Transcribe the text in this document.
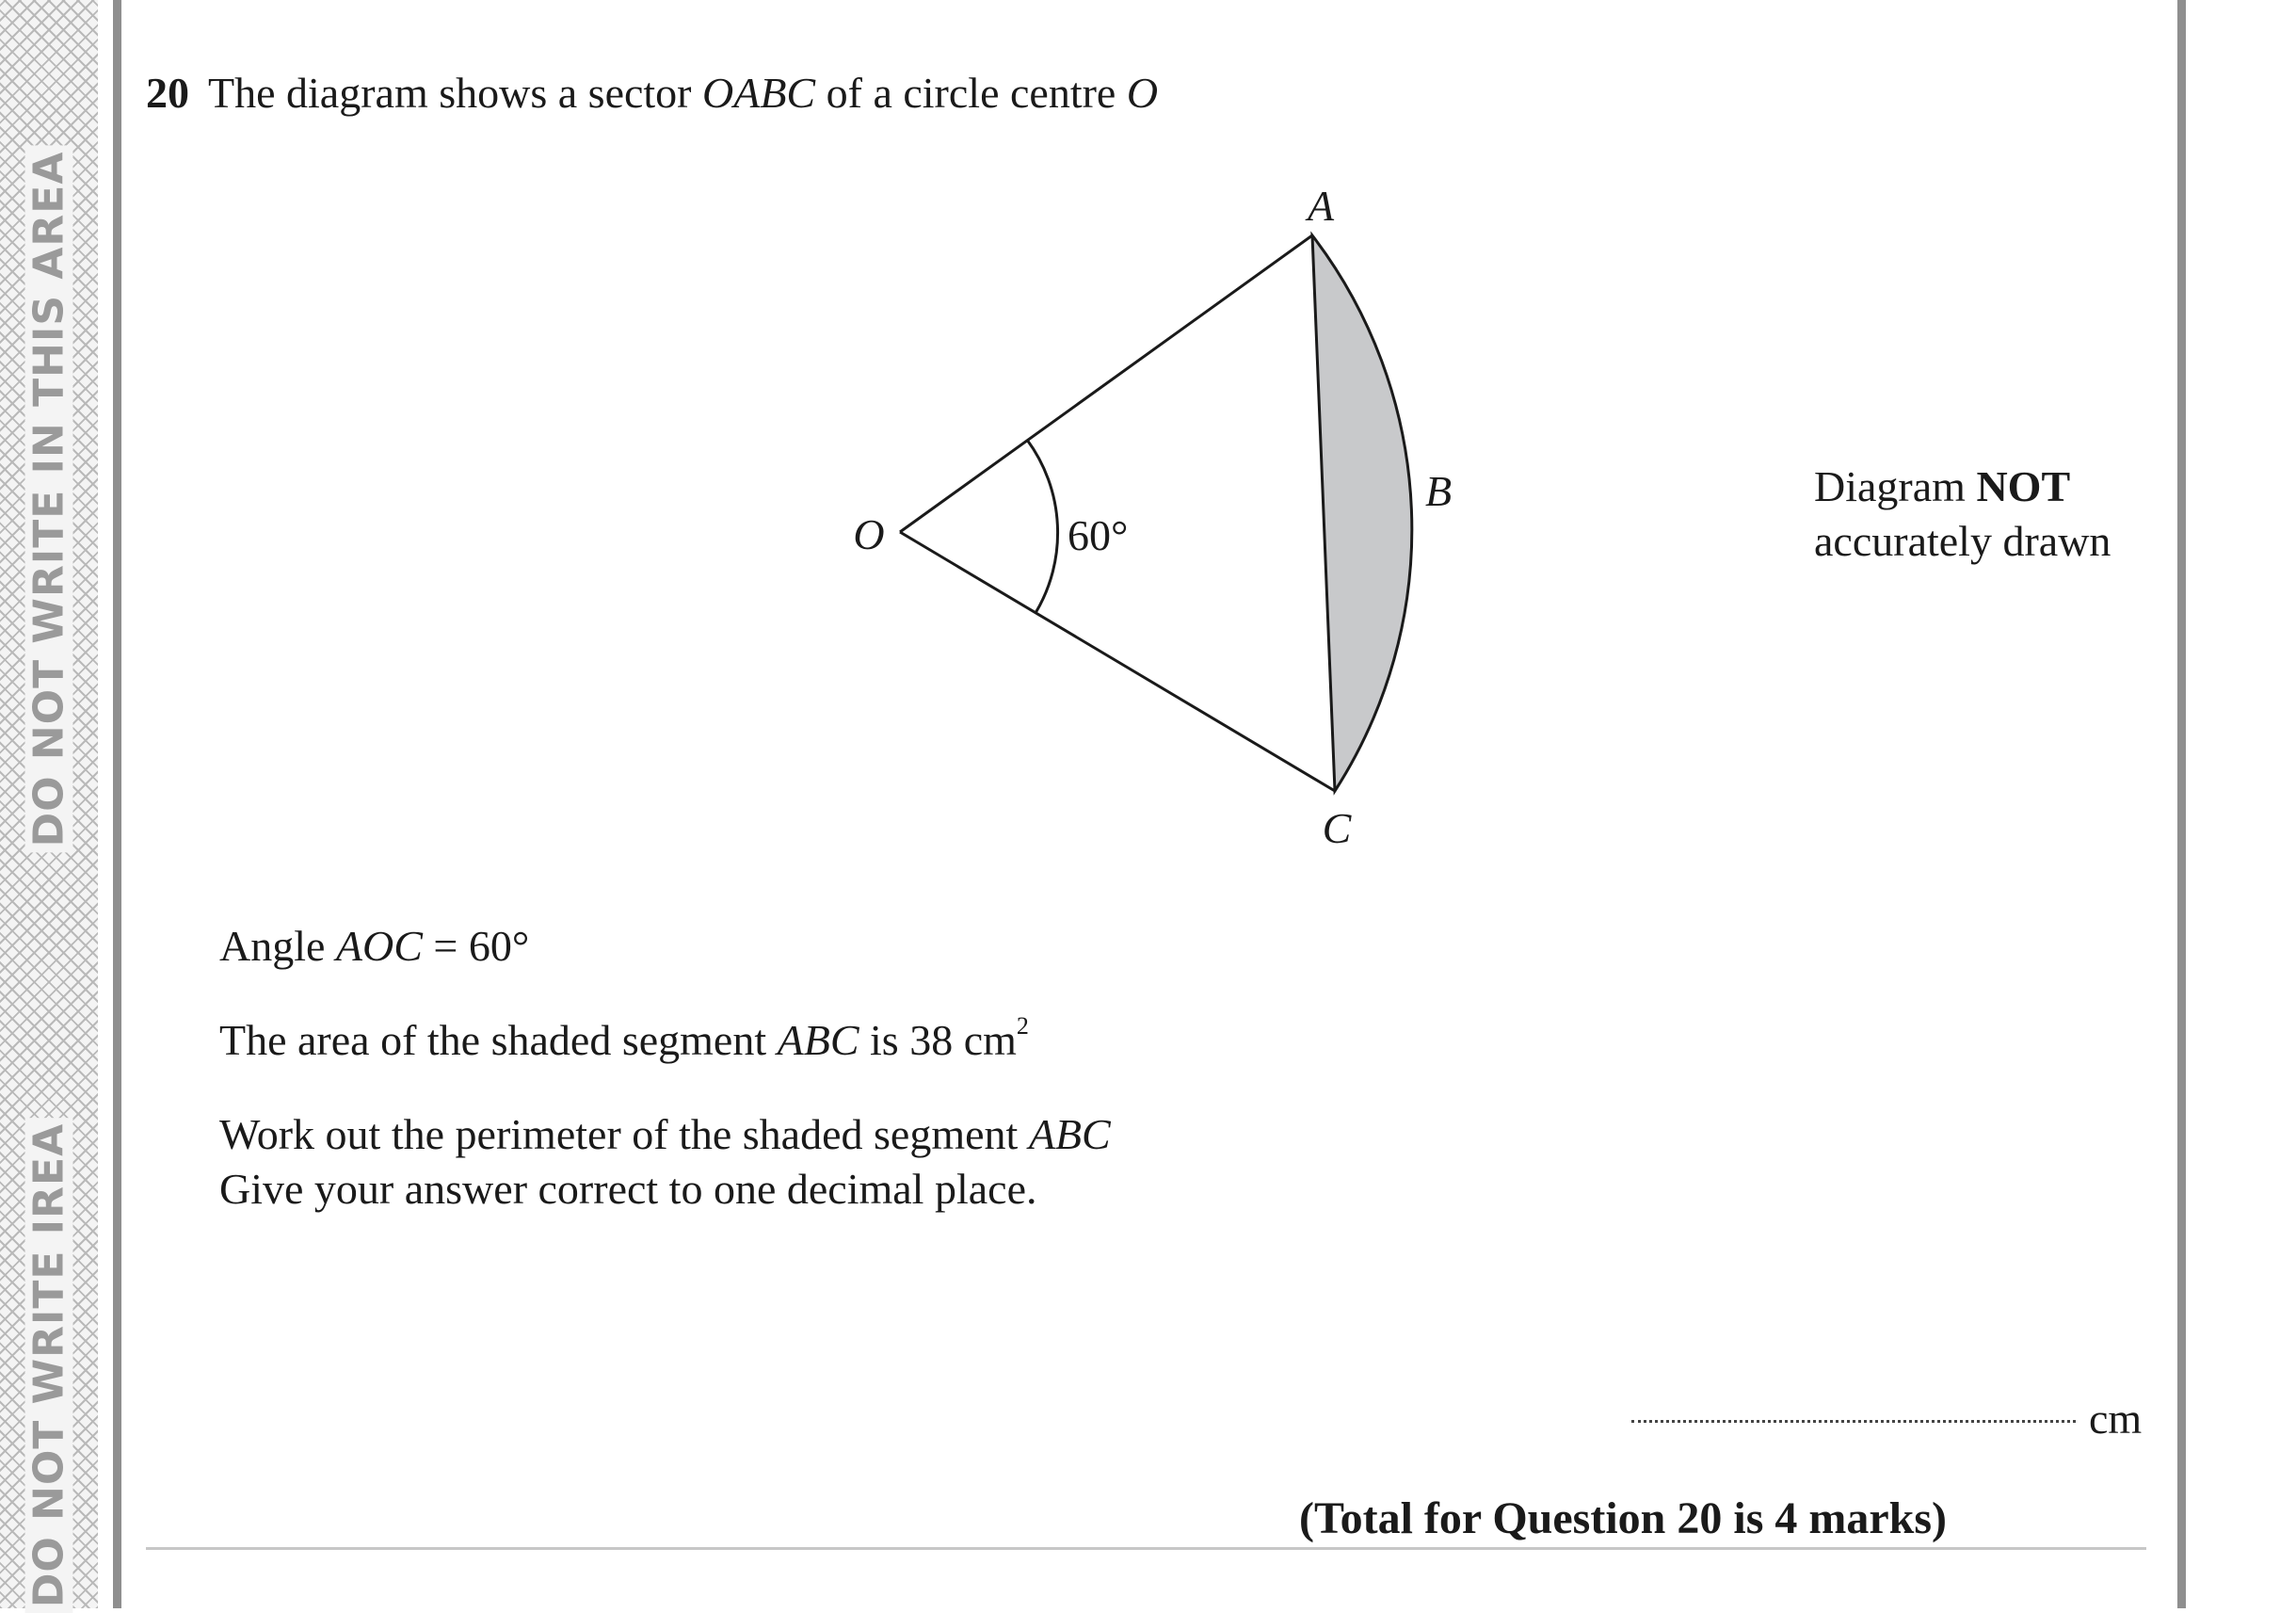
DO NOT WRITE IN THIS AREA
DO NOT WRITE IREA
20 The diagram shows a sector OABC of a circle centre O
A
B
C
O	60°
Diagram NOT
accurately drawn
Angle AOC = 60°
The area of the shaded segment ABC is 38 $cm^2$
Work out the perimeter of the shaded segment ABC
Give your answer correct to one decimal place.
cm
(Total for Question 20 is 4 marks)
